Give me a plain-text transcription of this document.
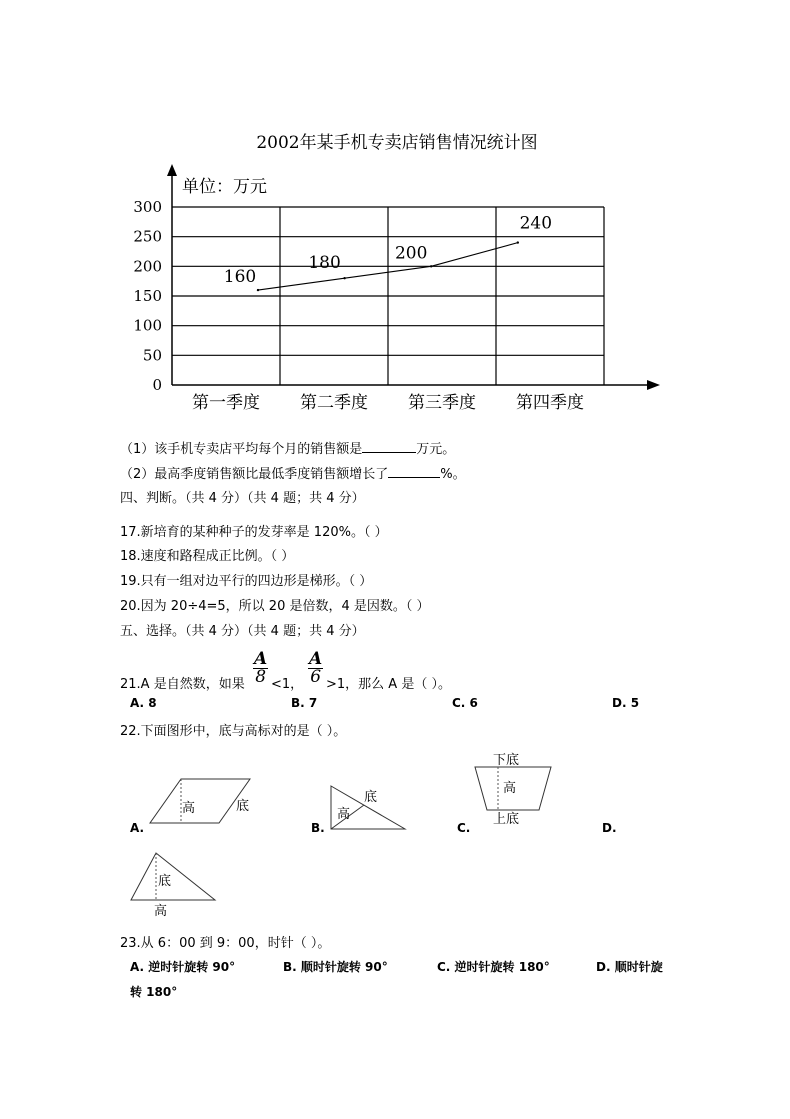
2002年某手机专卖店销售情况统计图
单位：万元
300
250
200
150
100
50
0
第一季度 第二季度 第三季度 第四季度
160
180	200
240
（1）该手机专卖店平均每个月的销售额是	万元。
（2）最高季度销售额比最低季度销售额增长了	%。
四、判断。（共 4 分）（共 4 题；共 4 分）
17.新培育的某种种子的发芽率是 120%。（ ）
18.速度和路程成正比例。（ ）
19.只有一组对边平行的四边形是梯形。（ ）
20.因为 20÷4=5，所以 20 是倍数，4 是因数。（ ）
五、选择。（共 4 分）（共 4 题；共 4 分）
21.A 是自然数，如果 $\frac{A}{8} <1$， $\frac{A}{6} >1$，那么 A 是（ ）。
A. 8	B. 7	C. 6	D. 5
22.下面图形中，底与高标对的是（ ）。
高	底
底
高
下底
高
上底
底
高
A.	B.	C.	D.
23.从 6：00 到 9：00，时针（ ）。
A. 逆时针旋转 90°	B. 顺时针旋转 90°	C. 逆时针旋转 180°	D. 顺时针旋
转 180°
